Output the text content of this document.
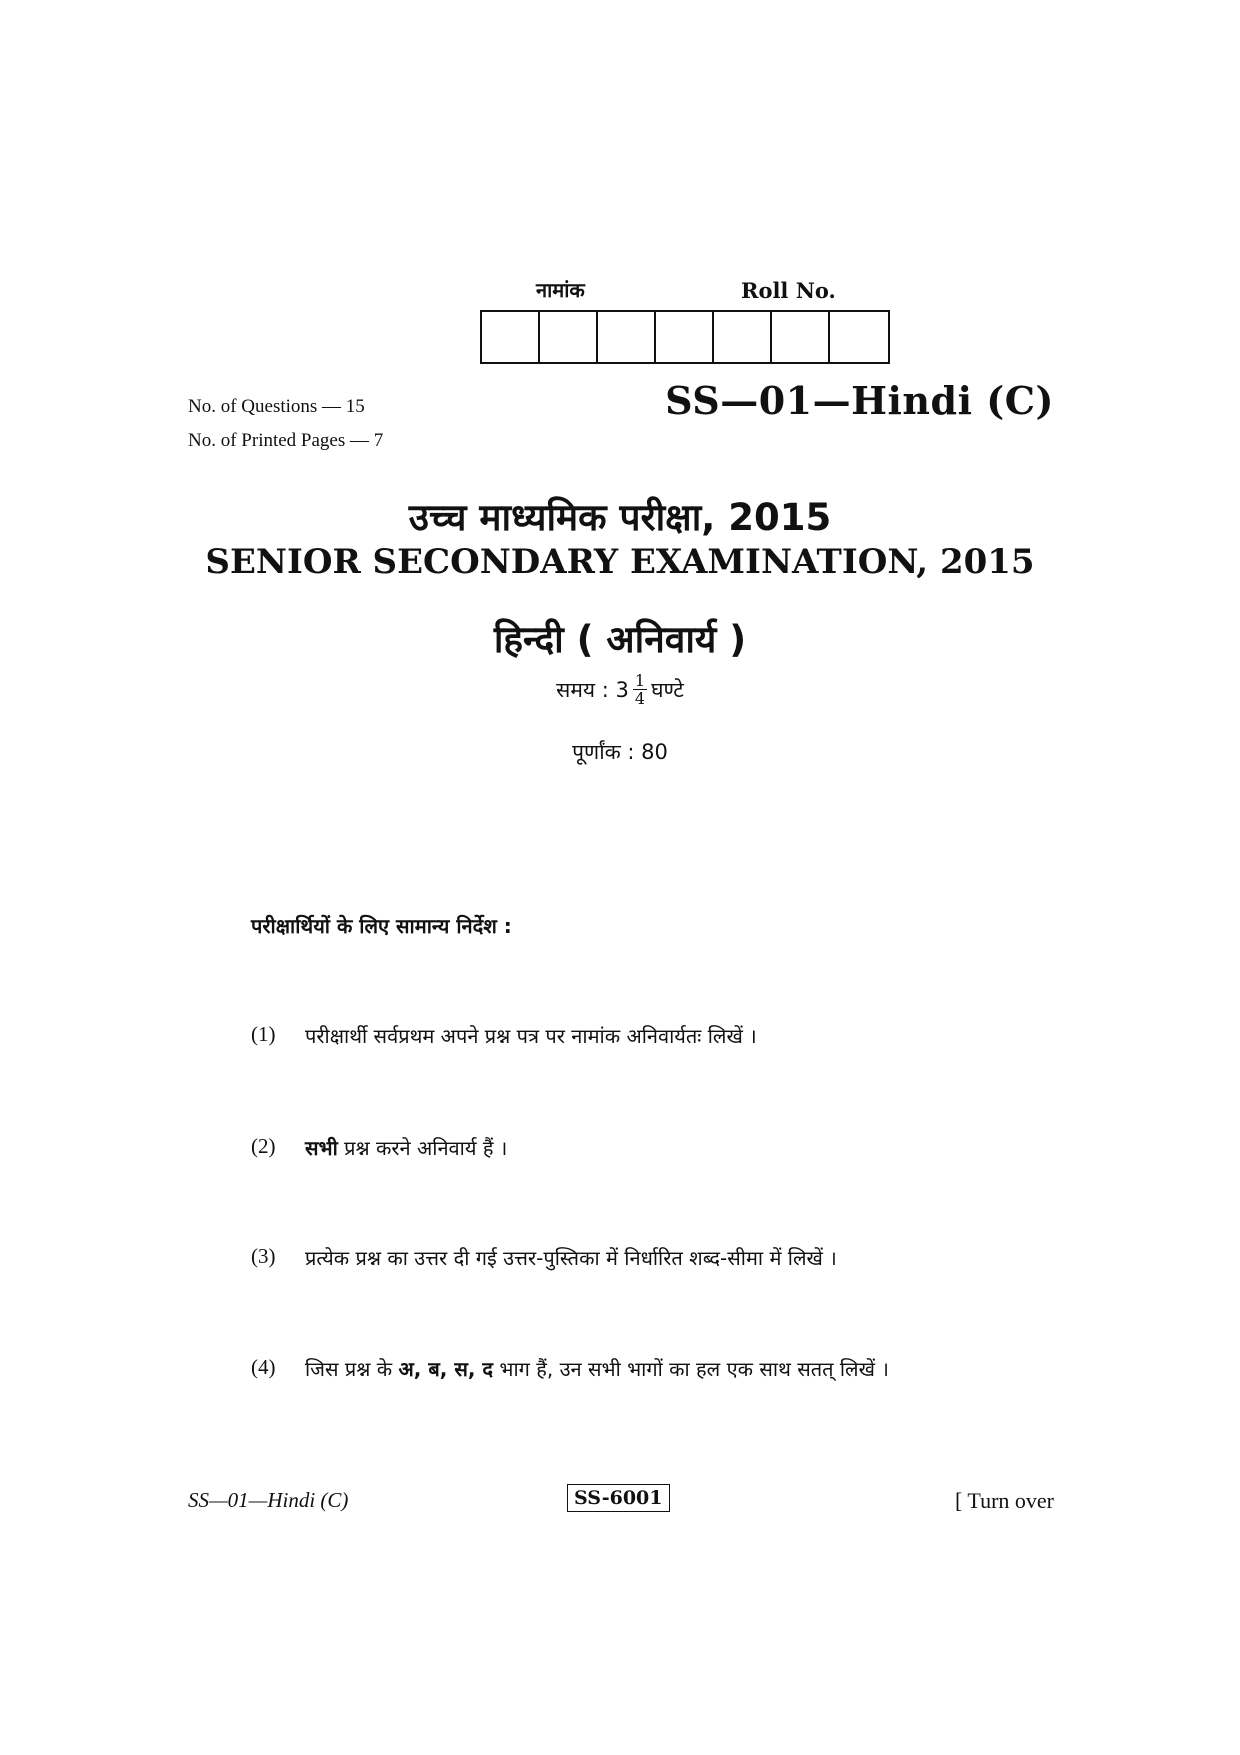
नामांक	Roll No.
No. of Questions — 15
No. of Printed Pages — 7
SS—01—Hindi (C)
उच्च माध्यमिक परीक्षा, 2015
SENIOR SECONDARY EXAMINATION, 2015
हिन्दी ( अनिवार्य )
समय : $3 \frac{1}{4}$ घण्टे
पूर्णांक : 80
परीक्षार्थियों के लिए सामान्य निर्देश :
(1)	परीक्षार्थी सर्वप्रथम अपने प्रश्न पत्र पर नामांक अनिवार्यतः लिखें ।
(2)	सभी प्रश्न करने अनिवार्य हैं ।
(3)	प्रत्येक प्रश्न का उत्तर दी गई उत्तर-पुस्तिका में निर्धारित शब्द-सीमा में लिखें ।
(4)	जिस प्रश्न के अ, ब, स, द भाग हैं, उन सभी भागों का हल एक साथ सतत् लिखें ।
SS—01—Hindi (C)	SS-6001	[ Turn over
